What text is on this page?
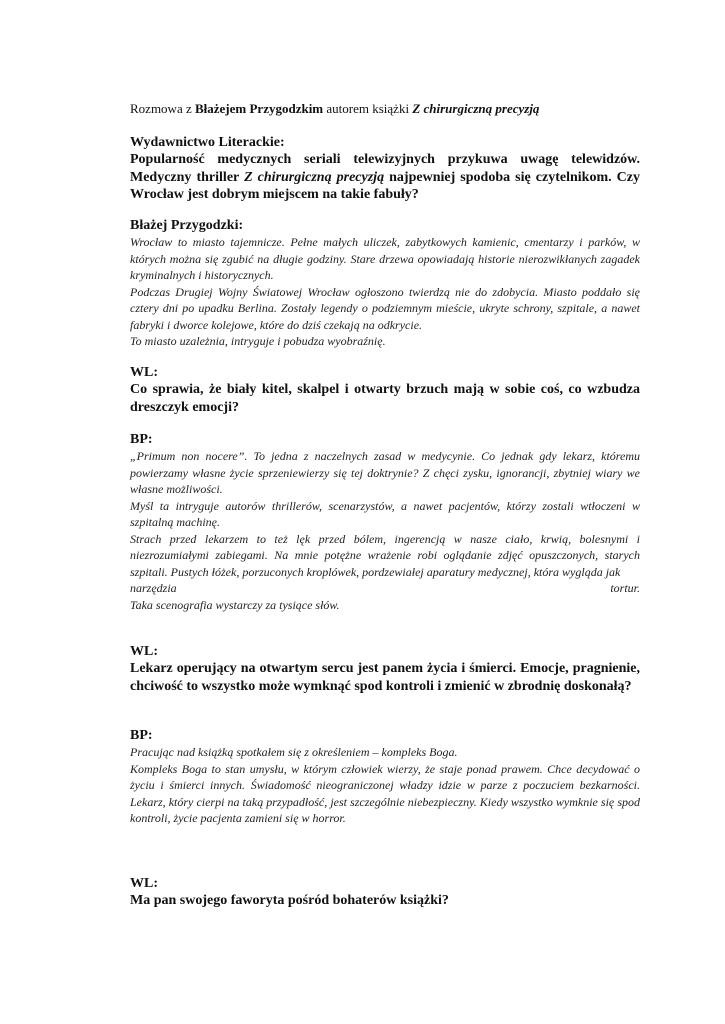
Rozmowa z Błażejem Przygodzkim autorem książki Z chirurgiczną precyzją
Wydawnictwo Literackie:
Popularność medycznych seriali telewizyjnych przykuwa uwagę telewidzów. Medyczny thriller Z chirurgiczną precyzją najpewniej spodoba się czytelnikom. Czy Wrocław jest dobrym miejscem na takie fabuły?
Błażej Przygodzki:

Wrocław to miasto tajemnicze. Pełne małych uliczek, zabytkowych kamienic, cmentarzy i parków, w których można się zgubić na długie godziny. Stare drzewa opowiadają historie nierozwikłanych zagadek kryminalnych i historycznych.

Podczas Drugiej Wojny Światowej Wrocław ogłoszono twierdzą nie do zdobycia. Miasto poddało się cztery dni po upadku Berlina. Zostały legendy o podziemnym mieście, ukryte schrony, szpitale, a nawet fabryki i dworce kolejowe, które do dziś czekają na odkrycie.

To miasto uzależnia, intryguje i pobudza wyobraźnię.

WL:
Co sprawia, że biały kitel, skalpel i otwarty brzuch mają w sobie coś, co wzbudza dreszczyk emocji?
BP:

„Primum non nocere”. To jedna z naczelnych zasad w medycynie. Co jednak gdy lekarz, któremu powierzamy własne życie sprzeniewierzy się tej doktrynie? Z chęci zysku, ignorancji, zbytniej wiary we własne możliwości.

Myśl ta intryguje autorów thrillerów, scenarzystów, a nawet pacjentów, którzy zostali wtłoczeni w szpitalną machinę.

Strach przed lekarzem to też lęk przed bólem, ingerencją w nasze ciało, krwią, bolesnymi i niezrozumiałymi zabiegami. Na mnie potężne wrażenie robi oglądanie zdjęć opuszczonych, starych szpitali. Pustych łóżek, porzuconych kroplówek, pordzewiałej aparatury medycznej, która wygląda jak

narzędzia	tortur.

Taka scenografia wystarczy za tysiące słów.

WL:
Lekarz operujący na otwartym sercu jest panem życia i śmierci. Emocje, pragnienie, chciwość to wszystko może wymknąć spod kontroli i zmienić w zbrodnię doskonałą?
BP:

Pracując nad książką spotkałem się z określeniem – kompleks Boga.

Kompleks Boga to stan umysłu, w którym człowiek wierzy, że staje ponad prawem. Chce decydować o życiu i śmierci innych. Świadomość nieograniczonej władzy idzie w parze z poczuciem bezkarności. Lekarz, który cierpi na taką przypadłość, jest szczególnie niebezpieczny. Kiedy wszystko wymknie się spod kontroli, życie pacjenta zamieni się w horror.

WL:
Ma pan swojego faworyta pośród bohaterów książki?
